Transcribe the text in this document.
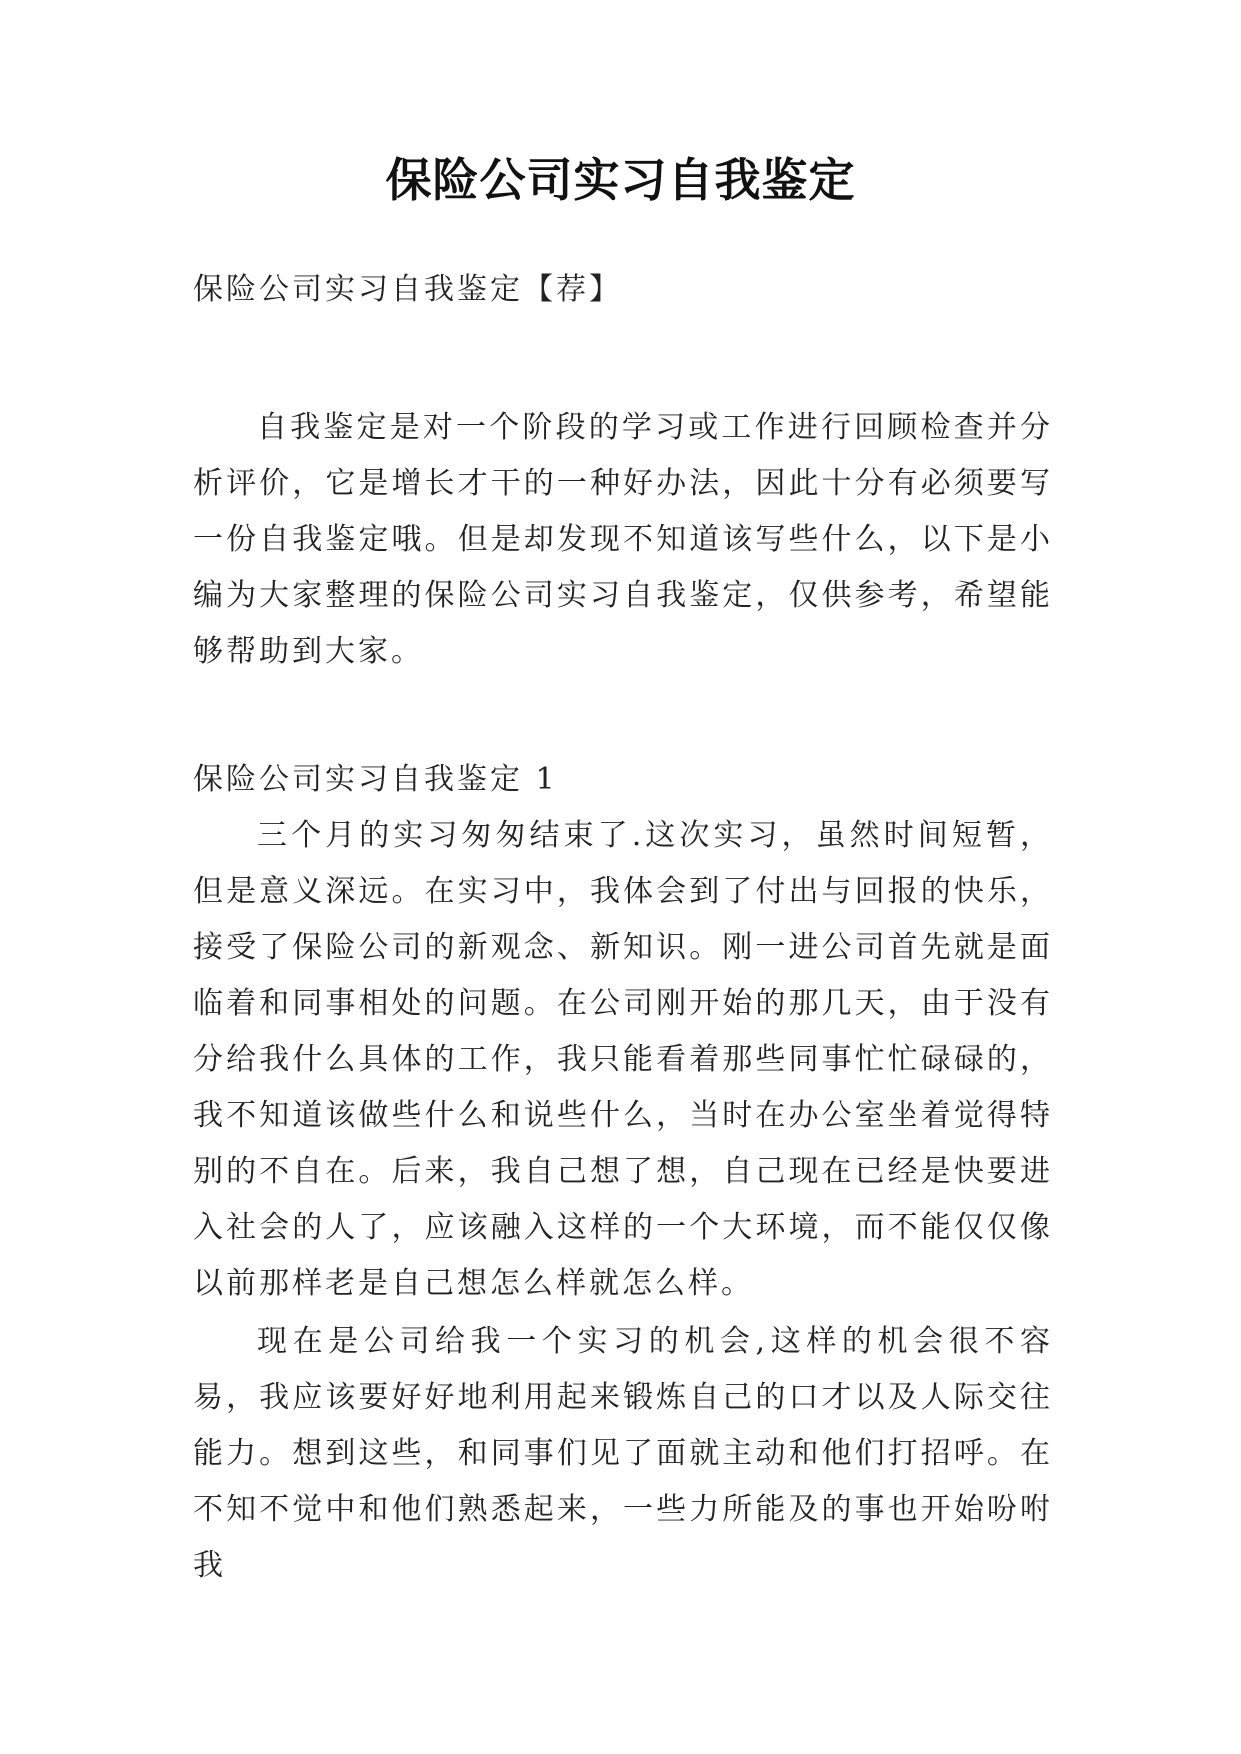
保险公司实习自我鉴定
保险公司实习自我鉴定【荐】
自我鉴定是对一个阶段的学习或工作进行回顾检查并分析评价，它是增长才干的一种好办法，因此十分有必须要写一份自我鉴定哦。但是却发现不知道该写些什么，以下是小编为大家整理的保险公司实习自我鉴定，仅供参考，希望能够帮助到大家。
保险公司实习自我鉴定 1
三个月的实习匆匆结束了.这次实习，虽然时间短暂，但是意义深远。在实习中，我体会到了付出与回报的快乐，接受了保险公司的新观念、新知识。刚一进公司首先就是面临着和同事相处的问题。在公司刚开始的那几天，由于没有分给我什么具体的工作，我只能看着那些同事忙忙碌碌的，我不知道该做些什么和说些什么，当时在办公室坐着觉得特别的不自在。后来，我自己想了想，自己现在已经是快要进入社会的人了，应该融入这样的一个大环境，而不能仅仅像以前那样老是自己想怎么样就怎么样。
现在是公司给我一个实习的机会,这样的机会很不容易，我应该要好好地利用起来锻炼自己的口才以及人际交往能力。想到这些，和同事们见了面就主动和他们打招呼。在不知不觉中和他们熟悉起来，一些力所能及的事也开始吩咐我
